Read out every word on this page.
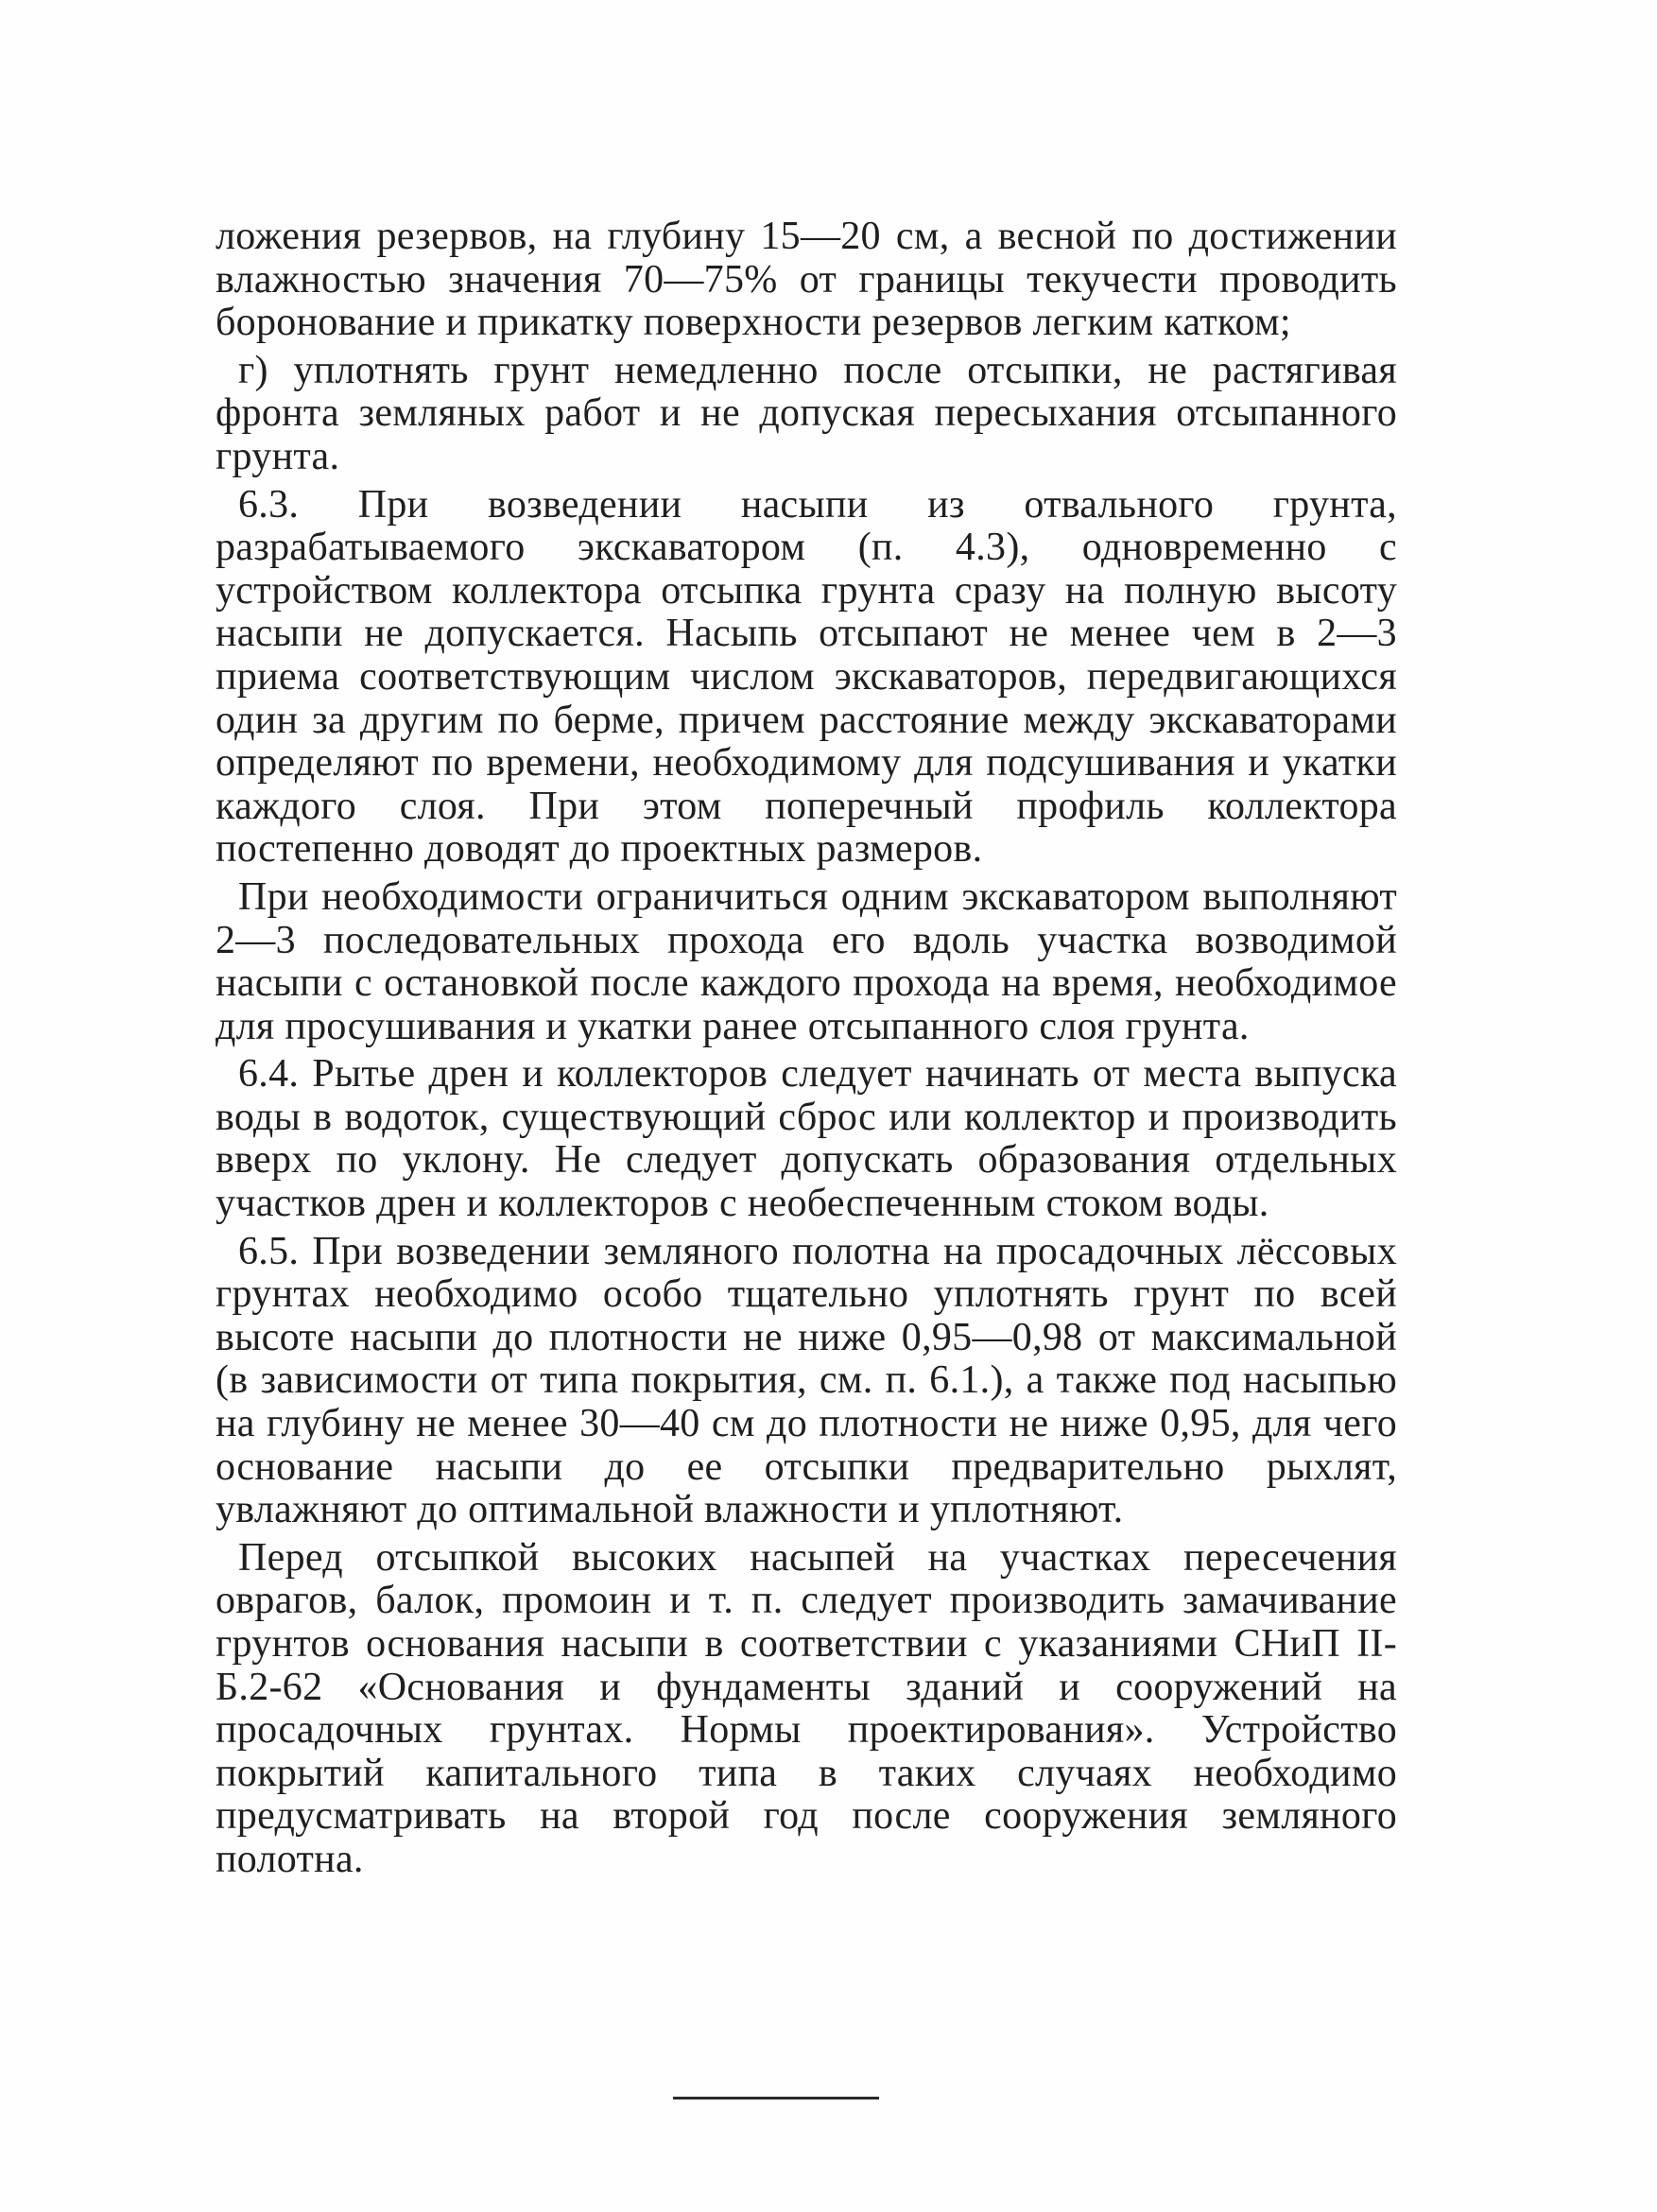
ложения резервов, на глубину 15—20 см, а весной по достижении влажностью значения 70—75% от границы текучести проводить боронование и прикатку поверхности резервов легким катком;

г) уплотнять грунт немедленно после отсыпки, не растягивая фронта земляных работ и не допуская пересыхания отсыпанного грунта.

6.3. При возведении насыпи из отвального грунта, разрабатываемого экскаватором (п. 4.3), одновременно с устройством коллектора отсыпка грунта сразу на полную высоту насыпи не допускается. Насыпь отсыпают не менее чем в 2—3 приема соответствующим числом экскаваторов, передвигающихся один за другим по берме, причем расстояние между экскаваторами определяют по времени, необходимому для подсушивания и укатки каждого слоя. При этом поперечный профиль коллектора постепенно доводят до проектных размеров.

При необходимости ограничиться одним экскаватором выполняют 2—3 последовательных прохода его вдоль участка возводимой насыпи с остановкой после каждого прохода на время, необходимое для просушивания и укатки ранее отсыпанного слоя грунта.

6.4. Рытье дрен и коллекторов следует начинать от места выпуска воды в водоток, существующий сброс или коллектор и производить вверх по уклону. Не следует допускать образования отдельных участков дрен и коллекторов с необеспеченным стоком воды.

6.5. При возведении земляного полотна на просадочных лёссовых грунтах необходимо особо тщательно уплотнять грунт по всей высоте насыпи до плотности не ниже 0,95—0,98 от максимальной (в зависимости от типа покрытия, см. п. 6.1.), а также под насыпью на глубину не менее 30—40 см до плотности не ниже 0,95, для чего основание насыпи до ее отсыпки предварительно рыхлят, увлажняют до оптимальной влажности и уплотняют.

Перед отсыпкой высоких насыпей на участках пересечения оврагов, балок, промоин и т. п. следует производить замачивание грунтов основания насыпи в соответствии с указаниями СНиП II-Б.2-62 «Основания и фундаменты зданий и сооружений на просадочных грунтах. Нормы проектирования». Устройство покрытий капитального типа в таких случаях необходимо предусматривать на второй год после сооружения земляного полотна.
